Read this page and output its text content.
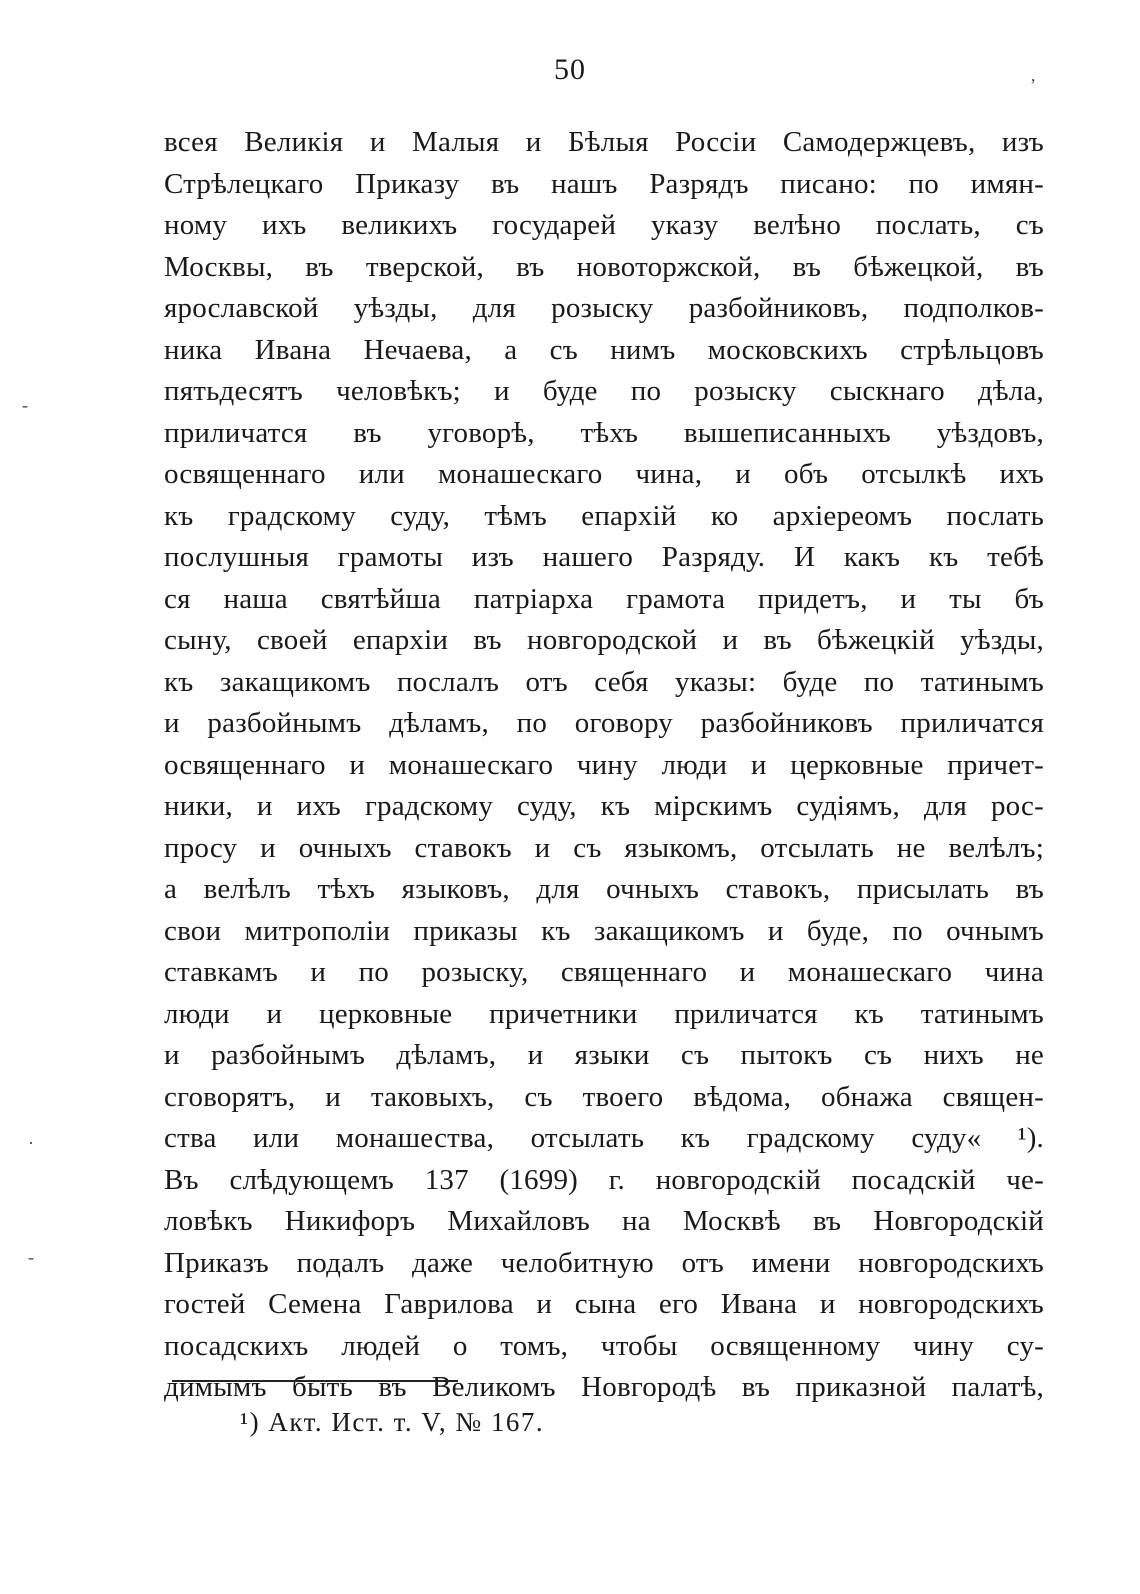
50	ʼ
-
·
-
всея Великія и Малыя и Бѣлыя Россіи Самодержцевъ, изъ
Стрѣлецкаго Приказу въ нашъ Разрядъ писано: по имян-
ному ихъ великихъ государей указу велѣно послать, съ
Москвы, въ тверской, въ новоторжской, въ бѣжецкой, въ
ярославской уѣзды, для розыску разбойниковъ, подполков-
ника Ивана Нечаева, а съ нимъ московскихъ стрѣльцовъ
пятьдесятъ человѣкъ; и буде по розыску сыскнаго дѣла,
приличатся въ уговорѣ, тѣхъ вышеписанныхъ уѣздовъ,
освященнаго или монашескаго чина, и объ отсылкѣ ихъ
къ градскому суду, тѣмъ епархій ко архіереомъ послать
послушныя грамоты изъ нашего Разряду. И какъ къ тебѣ
ся наша святѣйша патріарха грамота придетъ, и ты бъ
сыну, своей епархіи въ новгородской и въ бѣжецкій уѣзды,
къ закащикомъ послалъ отъ себя указы: буде по татинымъ
и разбойнымъ дѣламъ, по оговору разбойниковъ приличатся
освященнаго и монашескаго чину люди и церковные причет-
ники, и ихъ градскому суду, къ мірскимъ судіямъ, для рос-
просу и очныхъ ставокъ и съ языкомъ, отсылать не велѣлъ;
а велѣлъ тѣхъ языковъ, для очныхъ ставокъ, присылать въ
свои митрополіи приказы къ закащикомъ и буде, по очнымъ
ставкамъ и по розыску, священнаго и монашескаго чина
люди и церковные причетники приличатся къ татинымъ
и разбойнымъ дѣламъ, и языки съ пытокъ съ нихъ не
сговорятъ, и таковыхъ, съ твоего вѣдома, обнажа священ-
ства или монашества, отсылать къ градскому суду« ¹).
Въ слѣдующемъ 137 (1699) г. новгородскій посадскій че-
ловѣкъ Никифоръ Михайловъ на Москвѣ въ Новгородскій
Приказъ подалъ даже челобитную отъ имени новгородскихъ
гостей Семена Гаврилова и сына его Ивана и новгородскихъ
посадскихъ людей о томъ, чтобы освященному чину су-
димымъ быть въ Великомъ Новгородѣ въ приказной палатѣ,
¹) Акт. Ист. т. V, № 167.
